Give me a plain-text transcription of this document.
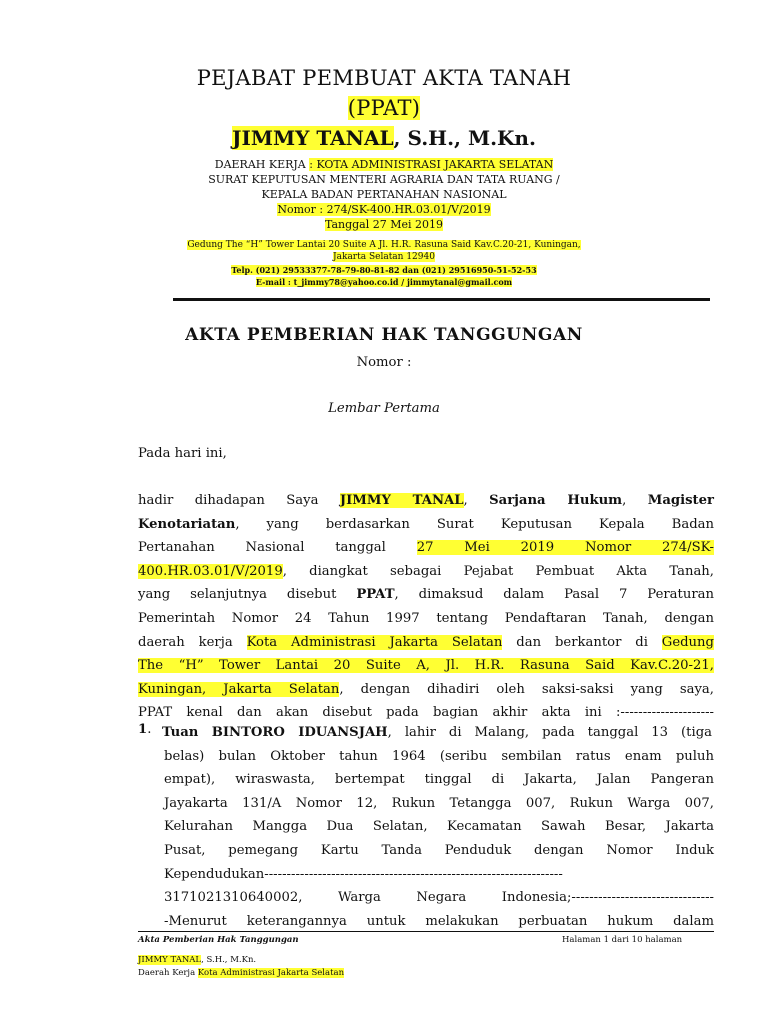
PEJABAT PEMBUAT AKTA TANAH
(PPAT)
JIMMY TANAL, S.H., M.Kn.
DAERAH KERJA : KOTA ADMINISTRASI JAKARTA SELATAN
SURAT KEPUTUSAN MENTERI AGRARIA DAN TATA RUANG /
KEPALA BADAN PERTANAHAN NASIONAL
Nomor : 274/SK-400.HR.03.01/V/2019
Tanggal 27 Mei 2019
Gedung The “H” Tower Lantai 20 Suite A Jl. H.R. Rasuna Said Kav.C.20-21, Kuningan,
Jakarta Selatan 12940
Telp. (021) 29533377-78-79-80-81-82 dan (021) 29516950-51-52-53
E-mail : t_jimmy78@yahoo.co.id / jimmytanal@gmail.com
AKTA PEMBERIAN HAK TANGGUNGAN
Nomor :
Lembar Pertama
Pada hari ini,
hadir dihadapan Saya JIMMY TANAL, Sarjana Hukum, Magister
Kenotariatan, yang berdasarkan Surat Keputusan Kepala Badan
Pertanahan Nasional tanggal 27 Mei 2019 Nomor 274/SK-
400.HR.03.01/V/2019, diangkat sebagai Pejabat Pembuat Akta Tanah,
yang selanjutnya disebut PPAT, dimaksud dalam Pasal 7 Peraturan
Pemerintah Nomor 24 Tahun 1997 tentang Pendaftaran Tanah, dengan
daerah kerja Kota Administrasi Jakarta Selatan dan berkantor di Gedung
The “H” Tower Lantai 20 Suite A, Jl. H.R. Rasuna Said Kav.C.20-21,
Kuningan, Jakarta Selatan, dengan dihadiri oleh saksi-saksi yang saya,
PPAT kenal dan akan disebut pada bagian akhir akta ini :---------------------
1. Tuan BINTORO IDUANSJAH, lahir di Malang, pada tanggal 13 (tiga
belas) bulan Oktober tahun 1964 (seribu sembilan ratus enam puluh
empat), wiraswasta, bertempat tinggal di Jakarta, Jalan Pangeran
Jayakarta 131/A Nomor 12, Rukun Tetangga 007, Rukun Warga 007,
Kelurahan Mangga Dua Selatan, Kecamatan Sawah Besar, Jakarta
Pusat, pemegang Kartu Tanda Penduduk dengan Nomor Induk
Kependudukan-------------------------------------------------------------------
3171021310640002, Warga Negara Indonesia;--------------------------------
-Menurut keterangannya untuk melakukan perbuatan hukum dalam
Akta Pemberian Hak Tanggungan	Halaman 1 dari 10 halaman
JIMMY TANAL, S.H., M.Kn.
Daerah Kerja Kota Administrasi Jakarta Selatan
